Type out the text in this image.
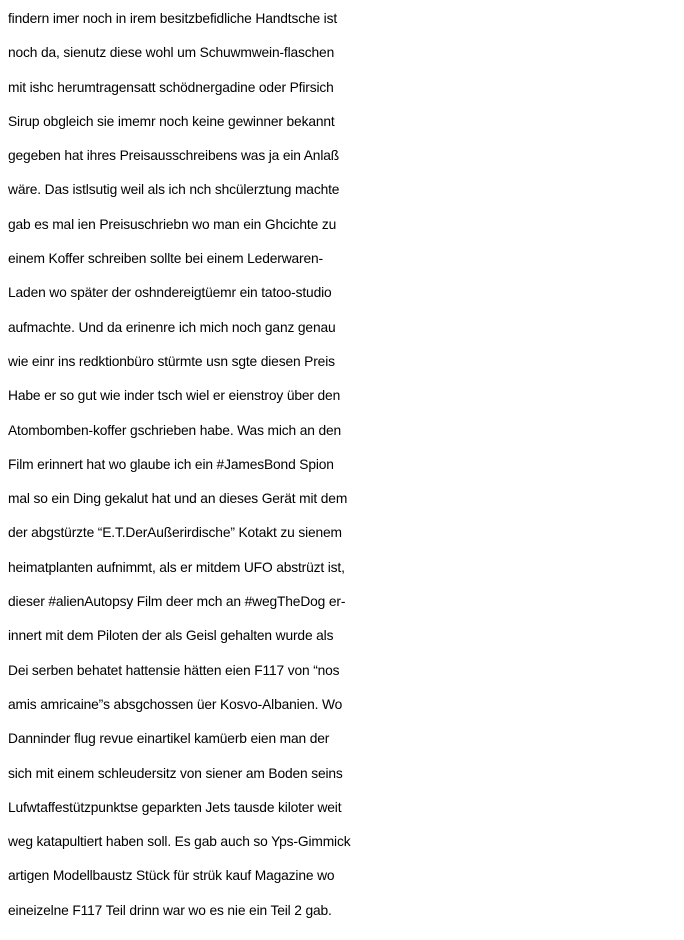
findern imer noch in irem besitzbefidliche Handtsche ist
noch da, sienutz diese wohl um Schuwmwein-flaschen
mit ishc herumtragensatt schödnergadine oder Pfirsich
Sirup obgleich sie imemr noch keine gewinner bekannt
gegeben hat ihres Preisausschreibens was ja ein Anlaß
wäre. Das istlsutig weil als ich nch shcülerztung machte
gab es mal ien Preisuschriebn wo man ein Ghcichte zu
einem Koffer schreiben sollte bei einem Lederwaren-
Laden wo später der oshndereigtüemr ein tatoo-studio
aufmachte. Und da erinenre ich mich noch ganz genau
wie einr ins redktionbüro stürmte usn sgte diesen Preis
Habe er so gut wie inder tsch wiel er eienstroy über den
Atombomben-koffer gschrieben habe. Was mich an den
Film erinnert hat wo glaube ich ein #JamesBond Spion
mal so ein Ding gekalut hat und an dieses Gerät mit dem
der abgstürzte “E.T.DerAußerirdische” Kotakt zu sienem
heimatplanten aufnimmt, als er mitdem UFO abstrüzt ist,
dieser #alienAutopsy Film deer mch an #wegTheDog er-
innert mit dem Piloten der als Geisl gehalten wurde als
Dei serben behatet hattensie hätten eien F117 von “nos
amis amricaine”s absgchossen üer Kosvo-Albanien. Wo
Danninder flug revue einartikel kamüerb eien man der
sich mit einem schleudersitz von siener am Boden seins
Lufwtaffestützpunktse geparkten Jets tausde kiloter weit
weg katapultiert haben soll. Es gab auch so Yps-Gimmick
artigen Modellbaustz Stück für strük kauf Magazine wo
eineizelne F117 Teil drinn war wo es nie ein Teil 2 gab.
